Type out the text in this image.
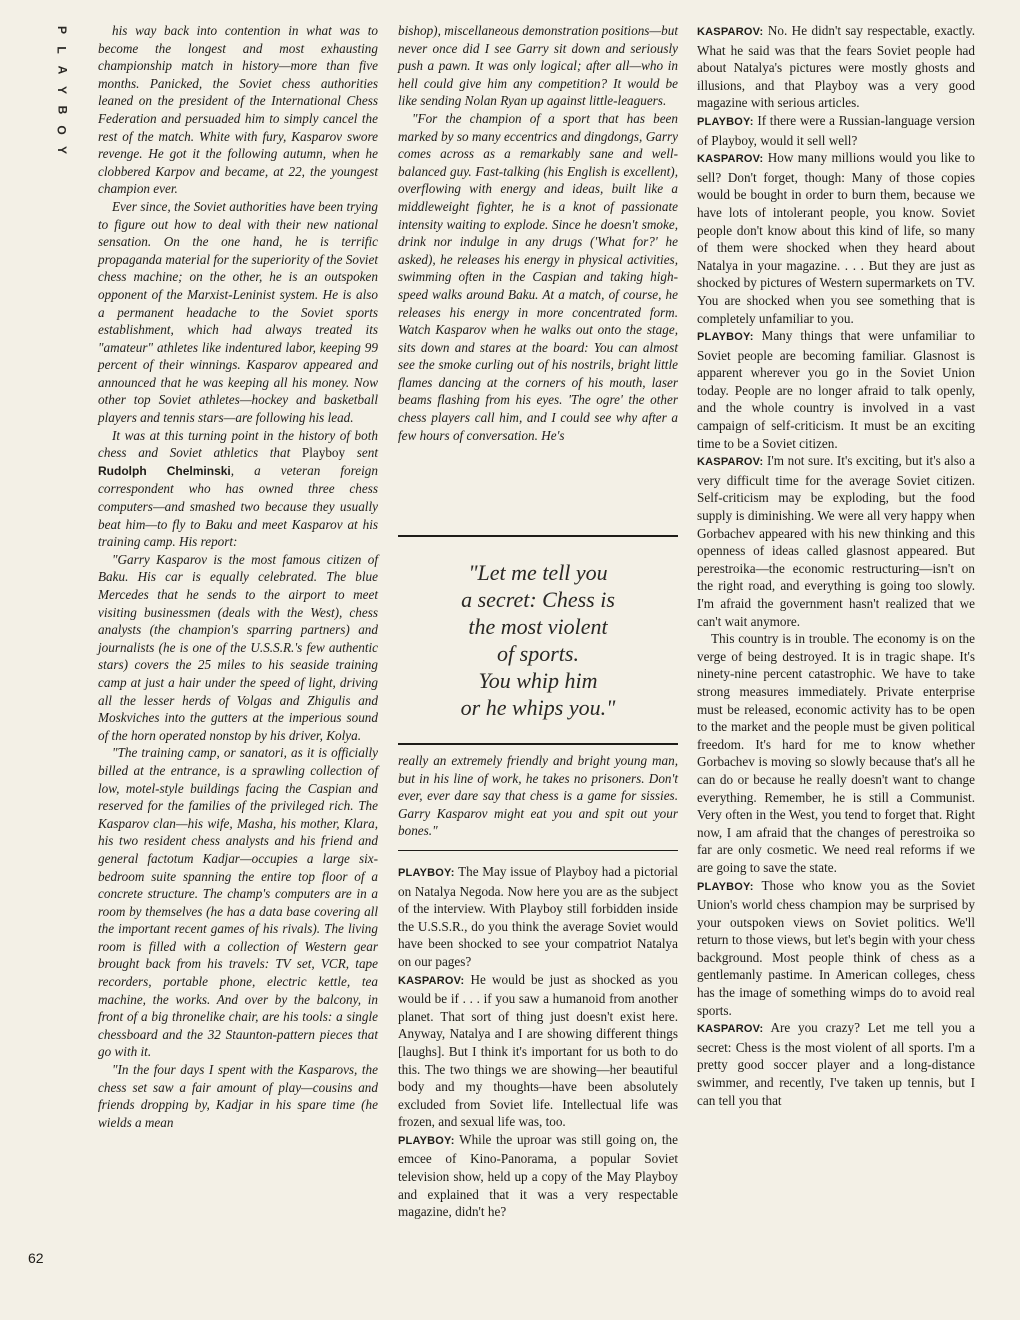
P
L
A
Y
B
O
Y
62

his way back into contention in what was to become the longest and most exhausting championship match in history—more than five months. Panicked, the Soviet chess authorities leaned on the president of the International Chess Federation and persuaded him to simply cancel the rest of the match. White with fury, Kasparov swore revenge. He got it the following autumn, when he clobbered Karpov and became, at 22, the youngest champion ever.

Ever since, the Soviet authorities have been trying to figure out how to deal with their new national sensation. On the one hand, he is terrific propaganda material for the superiority of the Soviet chess machine; on the other, he is an outspoken opponent of the Marxist-Leninist system. He is also a permanent headache to the Soviet sports establishment, which had always treated its "amateur" athletes like indentured labor, keeping 99 percent of their winnings. Kasparov appeared and announced that he was keeping all his money. Now other top Soviet athletes—hockey and basketball players and tennis stars—are following his lead.

It was at this turning point in the history of both chess and Soviet athletics that Playboy sent Rudolph Chelminski, a veteran foreign correspondent who has owned three chess computers—and smashed two because they usually beat him—to fly to Baku and meet Kasparov at his training camp. His report:

"Garry Kasparov is the most famous citizen of Baku. His car is equally celebrated. The blue Mercedes that he sends to the airport to meet visiting businessmen (deals with the West), chess analysts (the champion's sparring partners) and journalists (he is one of the U.S.S.R.'s few authentic stars) covers the 25 miles to his seaside training camp at just a hair under the speed of light, driving all the lesser herds of Volgas and Zhigulis and Moskviches into the gutters at the imperious sound of the horn operated nonstop by his driver, Kolya.

"The training camp, or sanatori, as it is officially billed at the entrance, is a sprawling collection of low, motel-style buildings facing the Caspian and reserved for the families of the privileged rich. The Kasparov clan—his wife, Masha, his mother, Klara, his two resident chess analysts and his friend and general factotum Kadjar—occupies a large six-bedroom suite spanning the entire top floor of a concrete structure. The champ's computers are in a room by themselves (he has a data base covering all the important recent games of his rivals). The living room is filled with a collection of Western gear brought back from his travels: TV set, VCR, tape recorders, portable phone, electric kettle, tea machine, the works. And over by the balcony, in front of a big thronelike chair, are his tools: a single chessboard and the 32 Staunton-pattern pieces that go with it.

"In the four days I spent with the Kasparovs, the chess set saw a fair amount of play—cousins and friends dropping by, Kadjar in his spare time (he wields a mean

bishop), miscellaneous demonstration positions—but never once did I see Garry sit down and seriously push a pawn. It was only logical; after all—who in hell could give him any competition? It would be like sending Nolan Ryan up against little-leaguers.

"For the champion of a sport that has been marked by so many eccentrics and dingdongs, Garry comes across as a remarkably sane and well-balanced guy. Fast-talking (his English is excellent), overflowing with energy and ideas, built like a middleweight fighter, he is a knot of passionate intensity waiting to explode. Since he doesn't smoke, drink nor indulge in any drugs ('What for?' he asked), he releases his energy in physical activities, swimming often in the Caspian and taking high-speed walks around Baku. At a match, of course, he releases his energy in more concentrated form. Watch Kasparov when he walks out onto the stage, sits down and stares at the board: You can almost see the smoke curling out of his nostrils, bright little flames dancing at the corners of his mouth, laser beams flashing from his eyes. 'The ogre' the other chess players call him, and I could see why after a few hours of conversation. He's

"Let me tell you
a secret: Chess is
the most violent
of sports.
You whip him
or he whips you."

really an extremely friendly and bright young man, but in his line of work, he takes no prisoners. Don't ever, ever dare say that chess is a game for sissies. Garry Kasparov might eat you and spit out your bones."

PLAYBOY: The May issue of Playboy had a pictorial on Natalya Negoda. Now here you are as the subject of the interview. With Playboy still forbidden inside the U.S.S.R., do you think the average Soviet would have been shocked to see your compatriot Natalya on our pages?

KASPAROV: He would be just as shocked as you would be if . . . if you saw a humanoid from another planet. That sort of thing just doesn't exist here. Anyway, Natalya and I are showing different things [laughs]. But I think it's important for us both to do this. The two things we are showing—her beautiful body and my thoughts—have been absolutely excluded from Soviet life. Intellectual life was frozen, and sexual life was, too.

PLAYBOY: While the uproar was still going on, the emcee of Kino-Panorama, a popular Soviet television show, held up a copy of the May Playboy and explained that it was a very respectable magazine, didn't he?

KASPAROV: No. He didn't say respectable, exactly. What he said was that the fears Soviet people had about Natalya's pictures were mostly ghosts and illusions, and that Playboy was a very good magazine with serious articles.

PLAYBOY: If there were a Russian-language version of Playboy, would it sell well?

KASPAROV: How many millions would you like to sell? Don't forget, though: Many of those copies would be bought in order to burn them, because we have lots of intolerant people, you know. Soviet people don't know about this kind of life, so many of them were shocked when they heard about Natalya in your magazine. . . . But they are just as shocked by pictures of Western supermarkets on TV. You are shocked when you see something that is completely unfamiliar to you.

PLAYBOY: Many things that were unfamiliar to Soviet people are becoming familiar. Glasnost is apparent wherever you go in the Soviet Union today. People are no longer afraid to talk openly, and the whole country is involved in a vast campaign of self-criticism. It must be an exciting time to be a Soviet citizen.

KASPAROV: I'm not sure. It's exciting, but it's also a very difficult time for the average Soviet citizen. Self-criticism may be exploding, but the food supply is diminishing. We were all very happy when Gorbachev appeared with his new thinking and this openness of ideas called glasnost appeared. But perestroika—the economic restructuring—isn't on the right road, and everything is going too slowly. I'm afraid the government hasn't realized that we can't wait anymore.

This country is in trouble. The economy is on the verge of being destroyed. It is in tragic shape. It's ninety-nine percent catastrophic. We have to take strong measures immediately. Private enterprise must be released, economic activity has to be open to the market and the people must be given political freedom. It's hard for me to know whether Gorbachev is moving so slowly because that's all he can do or because he really doesn't want to change everything. Remember, he is still a Communist. Very often in the West, you tend to forget that. Right now, I am afraid that the changes of perestroika so far are only cosmetic. We need real reforms if we are going to save the state.

PLAYBOY: Those who know you as the Soviet Union's world chess champion may be surprised by your outspoken views on Soviet politics. We'll return to those views, but let's begin with your chess background. Most people think of chess as a gentlemanly pastime. In American colleges, chess has the image of something wimps do to avoid real sports.

KASPAROV: Are you crazy? Let me tell you a secret: Chess is the most violent of all sports. I'm a pretty good soccer player and a long-distance swimmer, and recently, I've taken up tennis, but I can tell you that
